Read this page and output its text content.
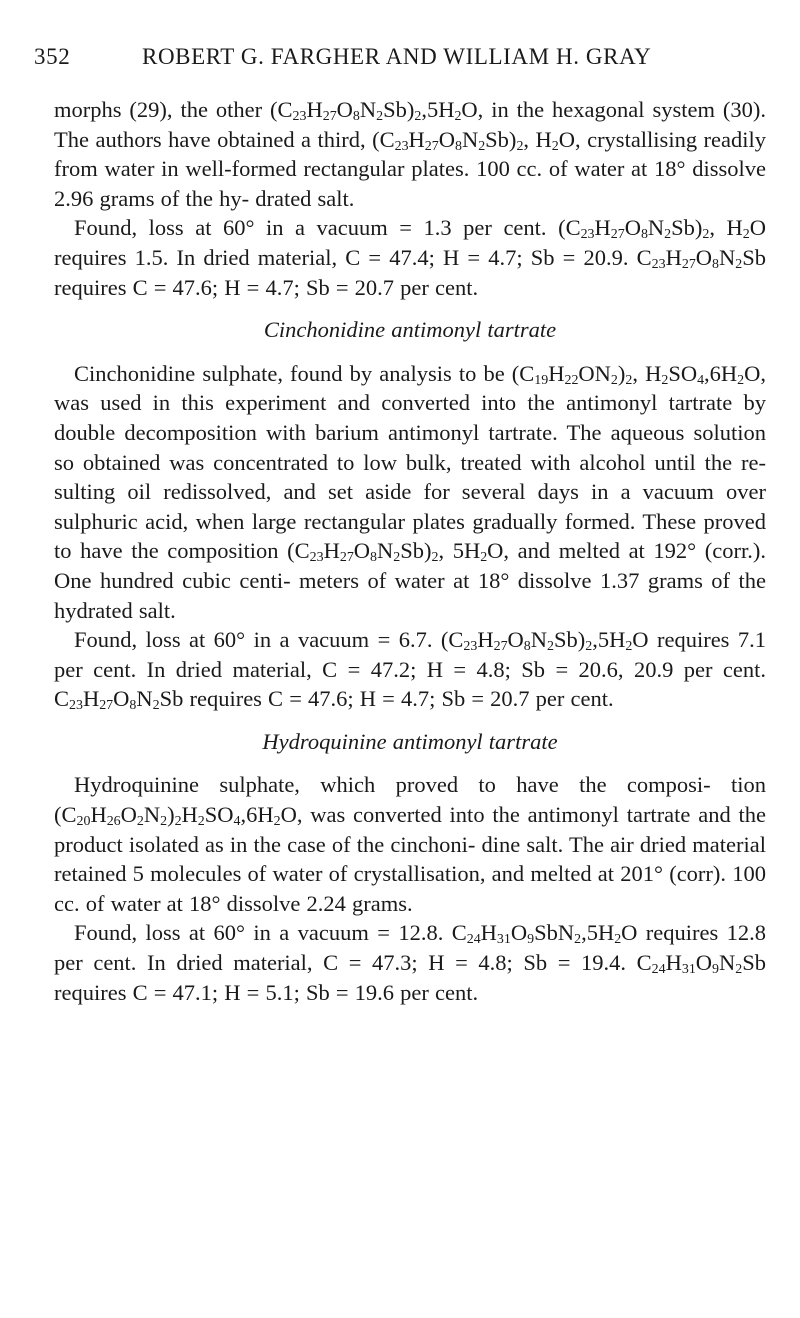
352	ROBERT G. FARGHER AND WILLIAM H. GRAY

morphs (29), the other $(C_{23}H_{27}O_8N_2Sb)_2,5H_2O$, in the hexagonal system (30). The authors have obtained a third, $(C_{23}H_{27}O_8N_2Sb)_2$, $H_2O$, crystallising readily from water in well-formed rectangular plates. 100 cc. of water at 18° dissolve 2.96 grams of the hy- drated salt.

Found, loss at 60° in a vacuum = 1.3 per cent. $(C_{23}H_{27}O_8N_2Sb)_2$, $H_2O$ requires 1.5. In dried material, C = 47.4; H = 4.7; Sb = 20.9. $C_{23}H_{27}O_8N_2Sb$ requires C = 47.6; H = 4.7; Sb = 20.7 per cent.

Cinchonidine antimonyl tartrate

Cinchonidine sulphate, found by analysis to be $(C_{19}H_{22}ON_2)_2$, $H_2SO_4,6H_2O$, was used in this experiment and converted into the antimonyl tartrate by double decomposition with barium antimonyl tartrate. The aqueous solution so obtained was concentrated to low bulk, treated with alcohol until the re- sulting oil redissolved, and set aside for several days in a vacuum over sulphuric acid, when large rectangular plates gradually formed. These proved to have the composition $(C_{23}H_{27}O_8N_2Sb)_2$, $5H_2O$, and melted at 192° (corr.). One hundred cubic centi- meters of water at 18° dissolve 1.37 grams of the hydrated salt.

Found, loss at 60° in a vacuum = 6.7. $(C_{23}H_{27}O_8N_2Sb)_2,5H_2O$ requires 7.1 per cent. In dried material, C = 47.2; H = 4.8; Sb = 20.6, 20.9 per cent. $C_{23}H_{27}O_8N_2Sb$ requires C = 47.6; H = 4.7; Sb = 20.7 per cent.

Hydroquinine antimonyl tartrate

Hydroquinine sulphate, which proved to have the composi- tion $(C_{20}H_{26}O_2N_2)_2H_2SO_4,6H_2O$, was converted into the antimonyl tartrate and the product isolated as in the case of the cinchoni- dine salt. The air dried material retained 5 molecules of water of crystallisation, and melted at 201° (corr). 100 cc. of water at 18° dissolve 2.24 grams.

Found, loss at 60° in a vacuum = 12.8. $C_{24}H_{31}O_9SbN_2,5H_2O$ requires 12.8 per cent. In dried material, C = 47.3; H = 4.8; Sb = 19.4. $C_{24}H_{31}O_9N_2Sb$ requires C = 47.1; H = 5.1; Sb = 19.6 per cent.
